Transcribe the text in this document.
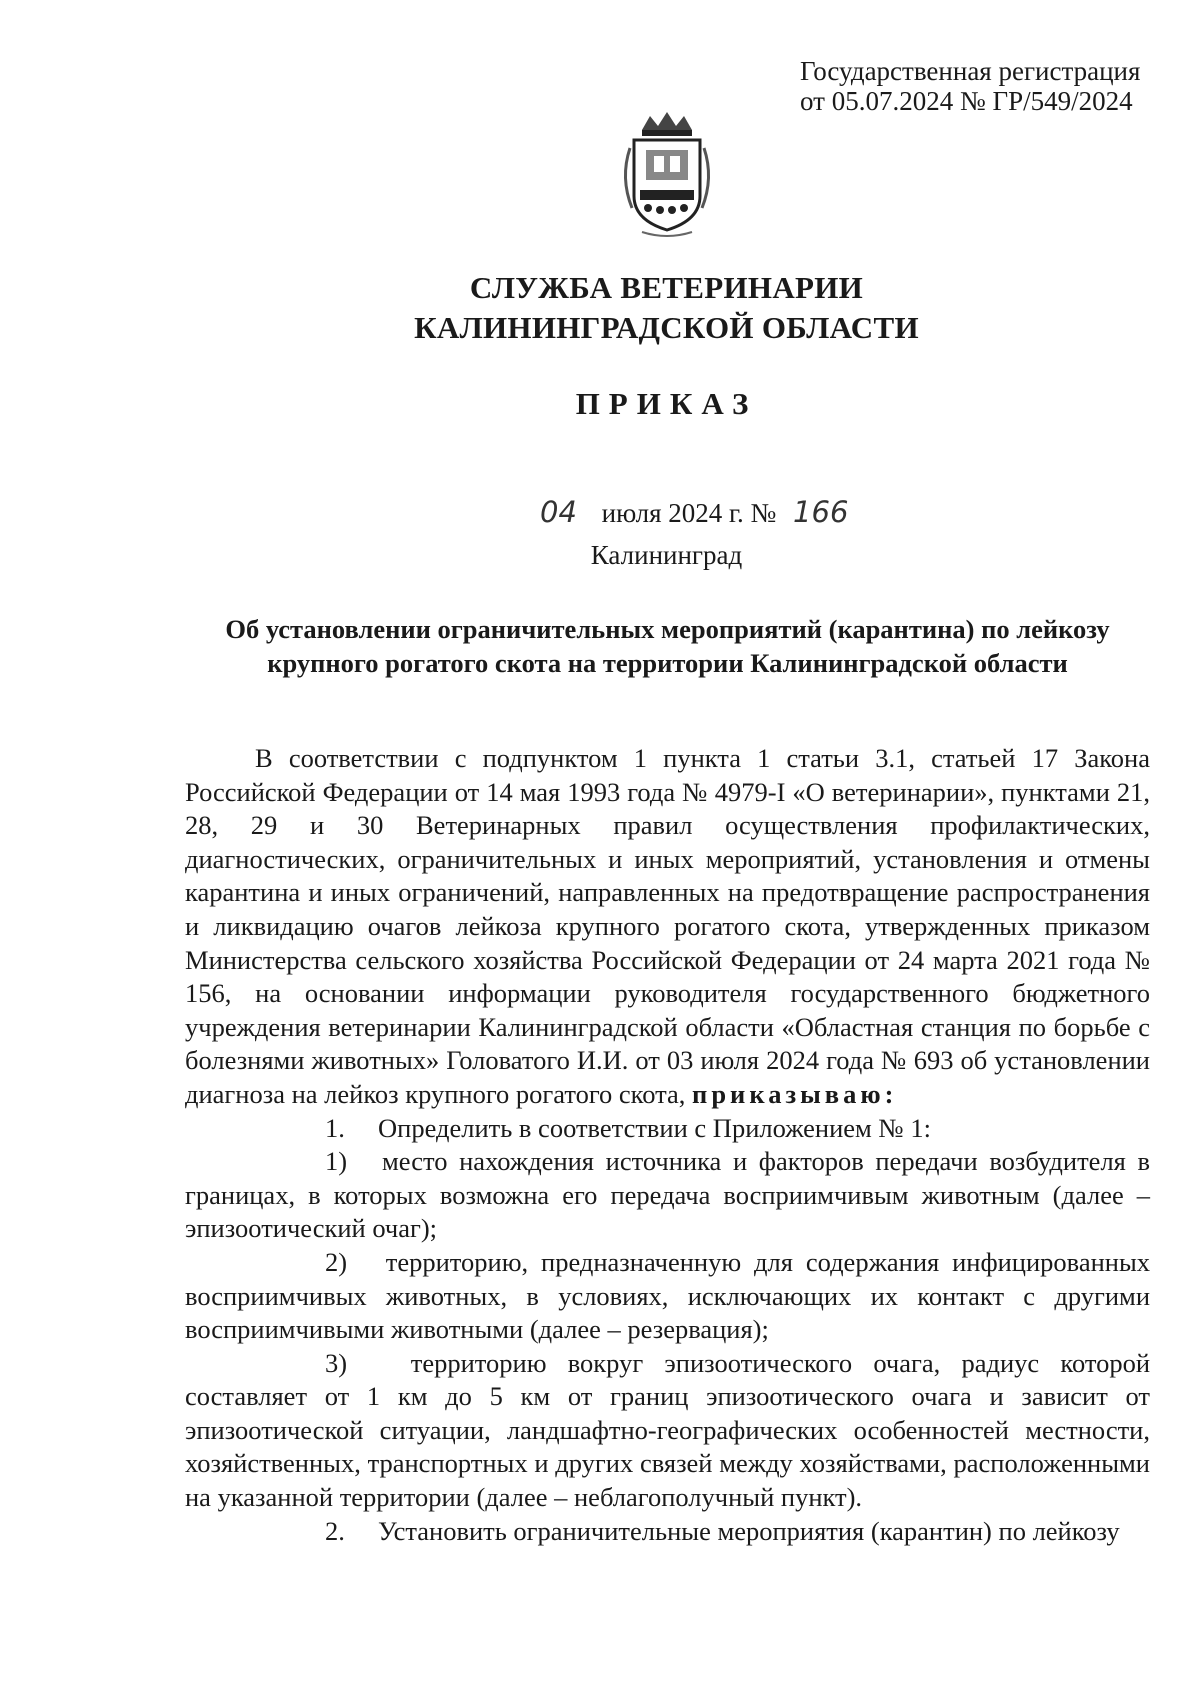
Государственная регистрация
от 05.07.2024 № ГР/549/2024
СЛУЖБА ВЕТЕРИНАРИИ
КАЛИНИНГРАДСКОЙ ОБЛАСТИ
ПРИКАЗ
04 июля 2024 г. № 166
Калининград
Об установлении ограничительных мероприятий (карантина) по лейкозу
крупного рогатого скота на территории Калининградской области

В соответствии с подпунктом 1 пункта 1 статьи 3.1, статьей 17 Закона Российской Федерации от 14 мая 1993 года № 4979-I «О ветеринарии», пунктами 21, 28, 29 и 30 Ветеринарных правил осуществления профилактических, диагностических, ограничительных и иных мероприятий, установления и отмены карантина и иных ограничений, направленных на предотвращение распространения и ликвидацию очагов лейкоза крупного рогатого скота, утвержденных приказом Министерства сельского хозяйства Российской Федерации от 24 марта 2021 года № 156, на основании информации руководителя государственного бюджетного учреждения ветеринарии Калининградской области «Областная станция по борьбе с болезнями животных» Головатого И.И. от 03 июля 2024 года № 693 об установлении диагноза на лейкоз крупного рогатого скота, приказываю:

1. Определить в соответствии с Приложением № 1:

1) место нахождения источника и факторов передачи возбудителя в границах, в которых возможна его передача восприимчивым животным (далее – эпизоотический очаг);

2) территорию, предназначенную для содержания инфицированных восприимчивых животных, в условиях, исключающих их контакт с другими восприимчивыми животными (далее – резервация);

3) территорию вокруг эпизоотического очага, радиус которой составляет от 1 км до 5 км от границ эпизоотического очага и зависит от эпизоотической ситуации, ландшафтно-географических особенностей местности, хозяйственных, транспортных и других связей между хозяйствами, расположенными на указанной территории (далее – неблагополучный пункт).

2. Установить ограничительные мероприятия (карантин) по лейкозу
